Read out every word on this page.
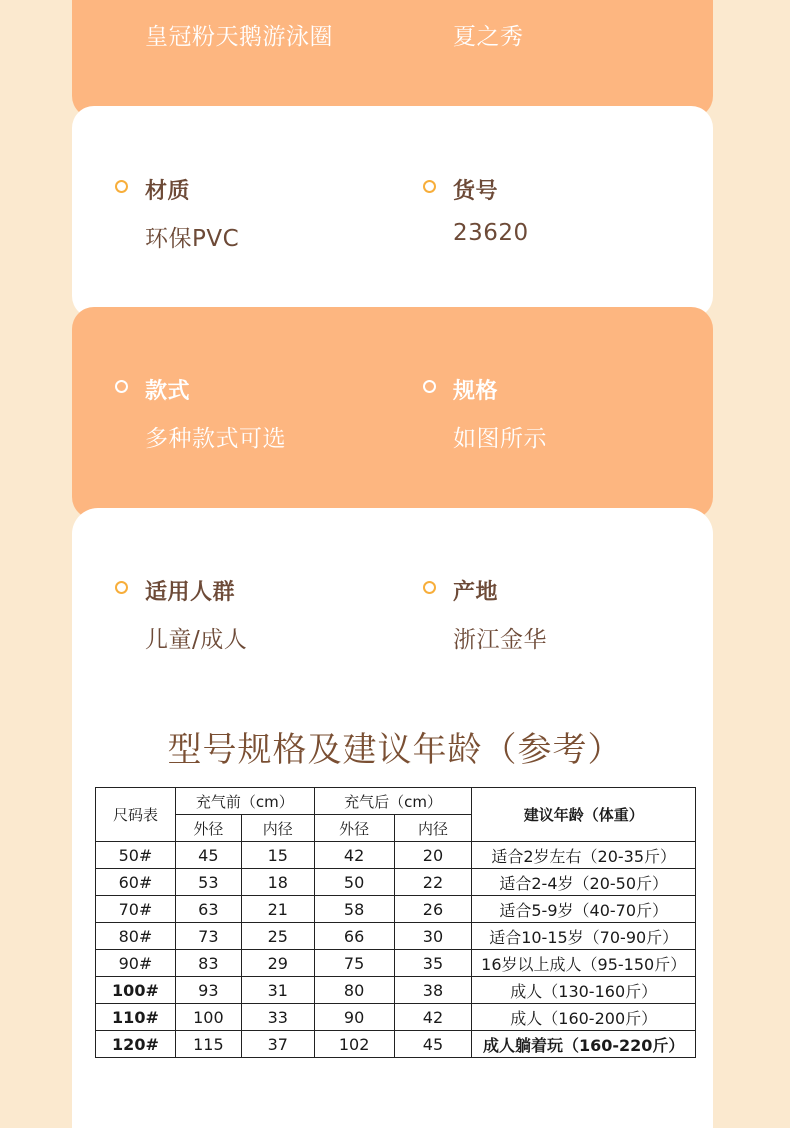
皇冠粉天鹅游泳圈	夏之秀
材质
环保PVC
货号
23620
款式
多种款式可选
规格
如图所示
适用人群
儿童/成人
产地
浙江金华
型号规格及建议年龄（参考）
尺码表	充气前（cm）		充气后（cm）		建议年龄（体重）
	外径	内径	外径	内径	
50#	45	15	42	20	适合2岁左右（20-35斤）
60#	53	18	50	22	适合2-4岁（20-50斤）
70#	63	21	58	26	适合5-9岁（40-70斤）
80#	73	25	66	30	适合10-15岁（70-90斤）
90#	83	29	75	35	16岁以上成人（95-150斤）
100#	93	31	80	38	成人（130-160斤）
110#	100	33	90	42	成人（160-200斤）
120#	115	37	102	45	成人躺着玩（160-220斤）
